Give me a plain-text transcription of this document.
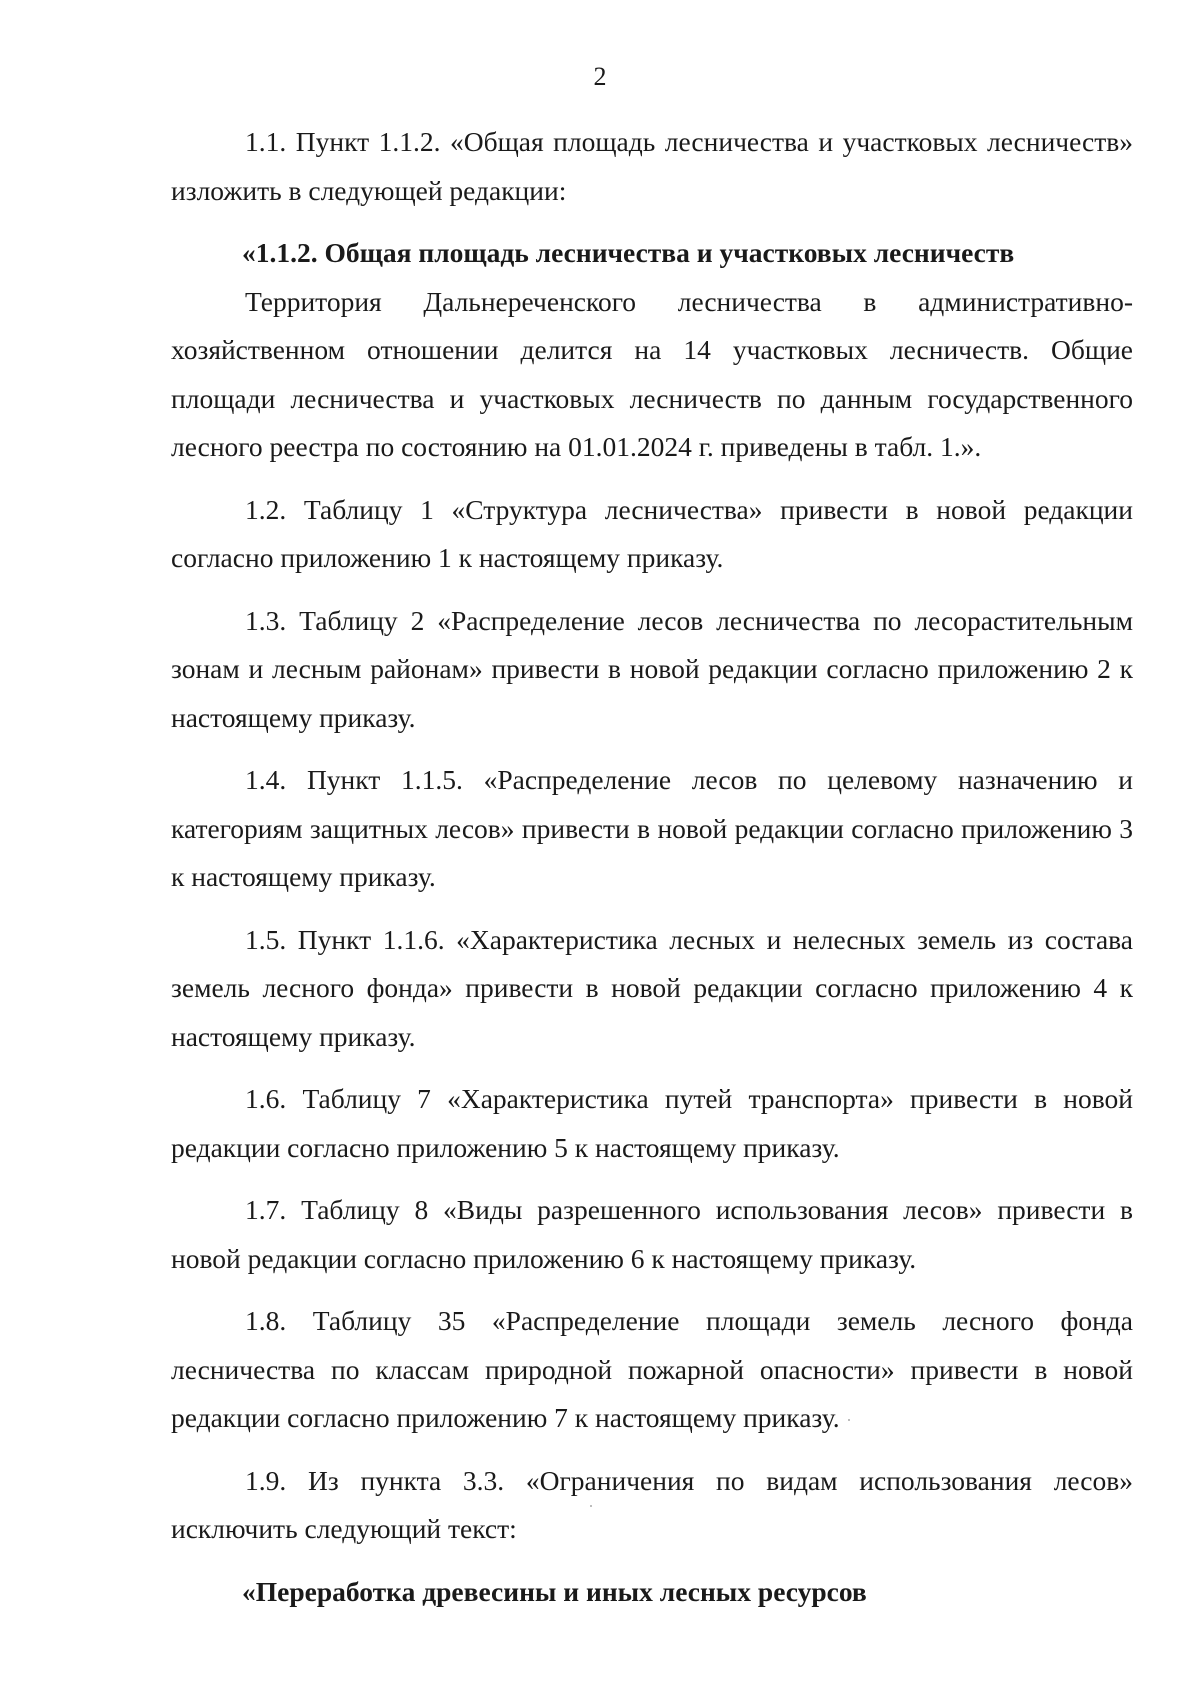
2

1.1. Пункт 1.1.2. «Общая площадь лесничества и участковых лесничеств» изложить в следующей редакции:

«1.1.2. Общая площадь лесничества и участковых лесничеств

Территория Дальнереченского лесничества в административно-хозяйственном отношении делится на 14 участковых лесничеств. Общие площади лесничества и участковых лесничеств по данным государственного лесного реестра по состоянию на 01.01.2024 г. приведены в табл. 1.».

1.2. Таблицу 1 «Структура лесничества» привести в новой редакции согласно приложению 1 к настоящему приказу.

1.3. Таблицу 2 «Распределение лесов лесничества по лесорастительным зонам и лесным районам» привести в новой редакции согласно приложению 2 к настоящему приказу.

1.4. Пункт 1.1.5. «Распределение лесов по целевому назначению и категориям защитных лесов» привести в новой редакции согласно приложению 3 к настоящему приказу.

1.5. Пункт 1.1.6. «Характеристика лесных и нелесных земель из состава земель лесного фонда» привести в новой редакции согласно приложению 4 к настоящему приказу.

1.6. Таблицу 7 «Характеристика путей транспорта» привести в новой редакции согласно приложению 5 к настоящему приказу.

1.7. Таблицу 8 «Виды разрешенного использования лесов» привести в новой редакции согласно приложению 6 к настоящему приказу.

1.8. Таблицу 35 «Распределение площади земель лесного фонда лесничества по классам природной пожарной опасности» привести в новой редакции согласно приложению 7 к настоящему приказу.

1.9. Из пункта 3.3. «Ограничения по видам использования лесов» исключить следующий текст:

«Переработка древесины и иных лесных ресурсов
